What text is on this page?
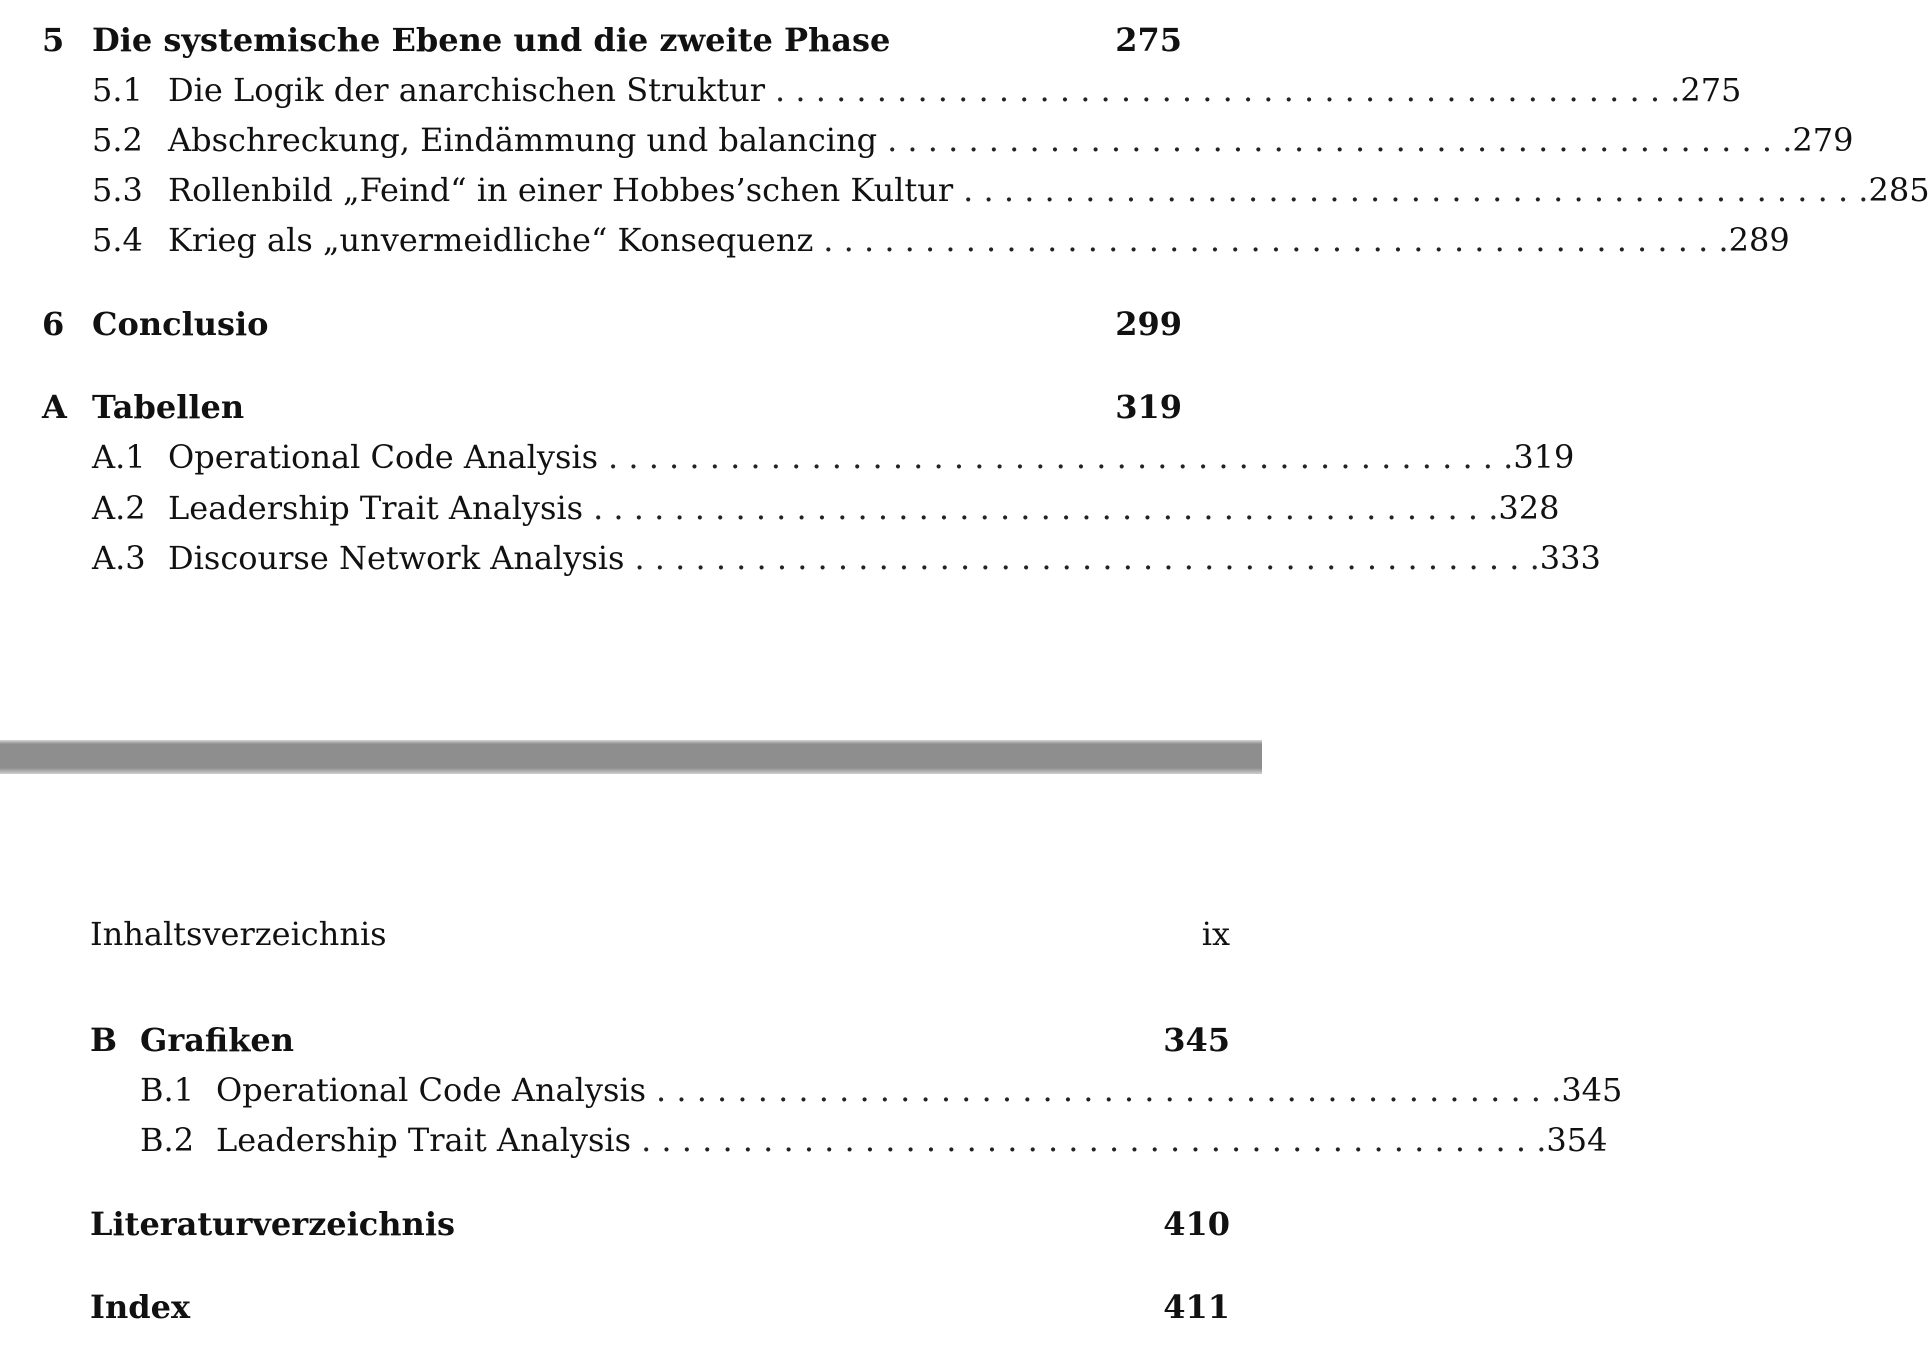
5 Die systemische Ebene und die zweite Phase	275
5.1 Die Logik der anarchischen Struktur . . . . . . . . . . . . . . . . . . . . . . . . . . . . . . . . . . . . . . . . . . . . . 275
5.2 Abschreckung, Eindämmung und balancing . . . . . . . . . . . . . . . . . . . . . . . . . . . . . . . . . . . . . . . . . . . . . 279
5.3 Rollenbild „Feind“ in einer Hobbes’schen Kultur . . . . . . . . . . . . . . . . . . . . . . . . . . . . . . . . . . . . . . . . . . . . . 285
5.4 Krieg als „unvermeidliche“ Konsequenz . . . . . . . . . . . . . . . . . . . . . . . . . . . . . . . . . . . . . . . . . . . . . 289
6 Conclusio	299
A Tabellen	319
A.1 Operational Code Analysis . . . . . . . . . . . . . . . . . . . . . . . . . . . . . . . . . . . . . . . . . . . . . 319
A.2 Leadership Trait Analysis . . . . . . . . . . . . . . . . . . . . . . . . . . . . . . . . . . . . . . . . . . . . . 328
A.3 Discourse Network Analysis . . . . . . . . . . . . . . . . . . . . . . . . . . . . . . . . . . . . . . . . . . . . . 333
Inhaltsverzeichnis	ix
B Grafiken	345
B.1 Operational Code Analysis . . . . . . . . . . . . . . . . . . . . . . . . . . . . . . . . . . . . . . . . . . . . . 345
B.2 Leadership Trait Analysis . . . . . . . . . . . . . . . . . . . . . . . . . . . . . . . . . . . . . . . . . . . . . 354
Literaturverzeichnis	410
Index	411
